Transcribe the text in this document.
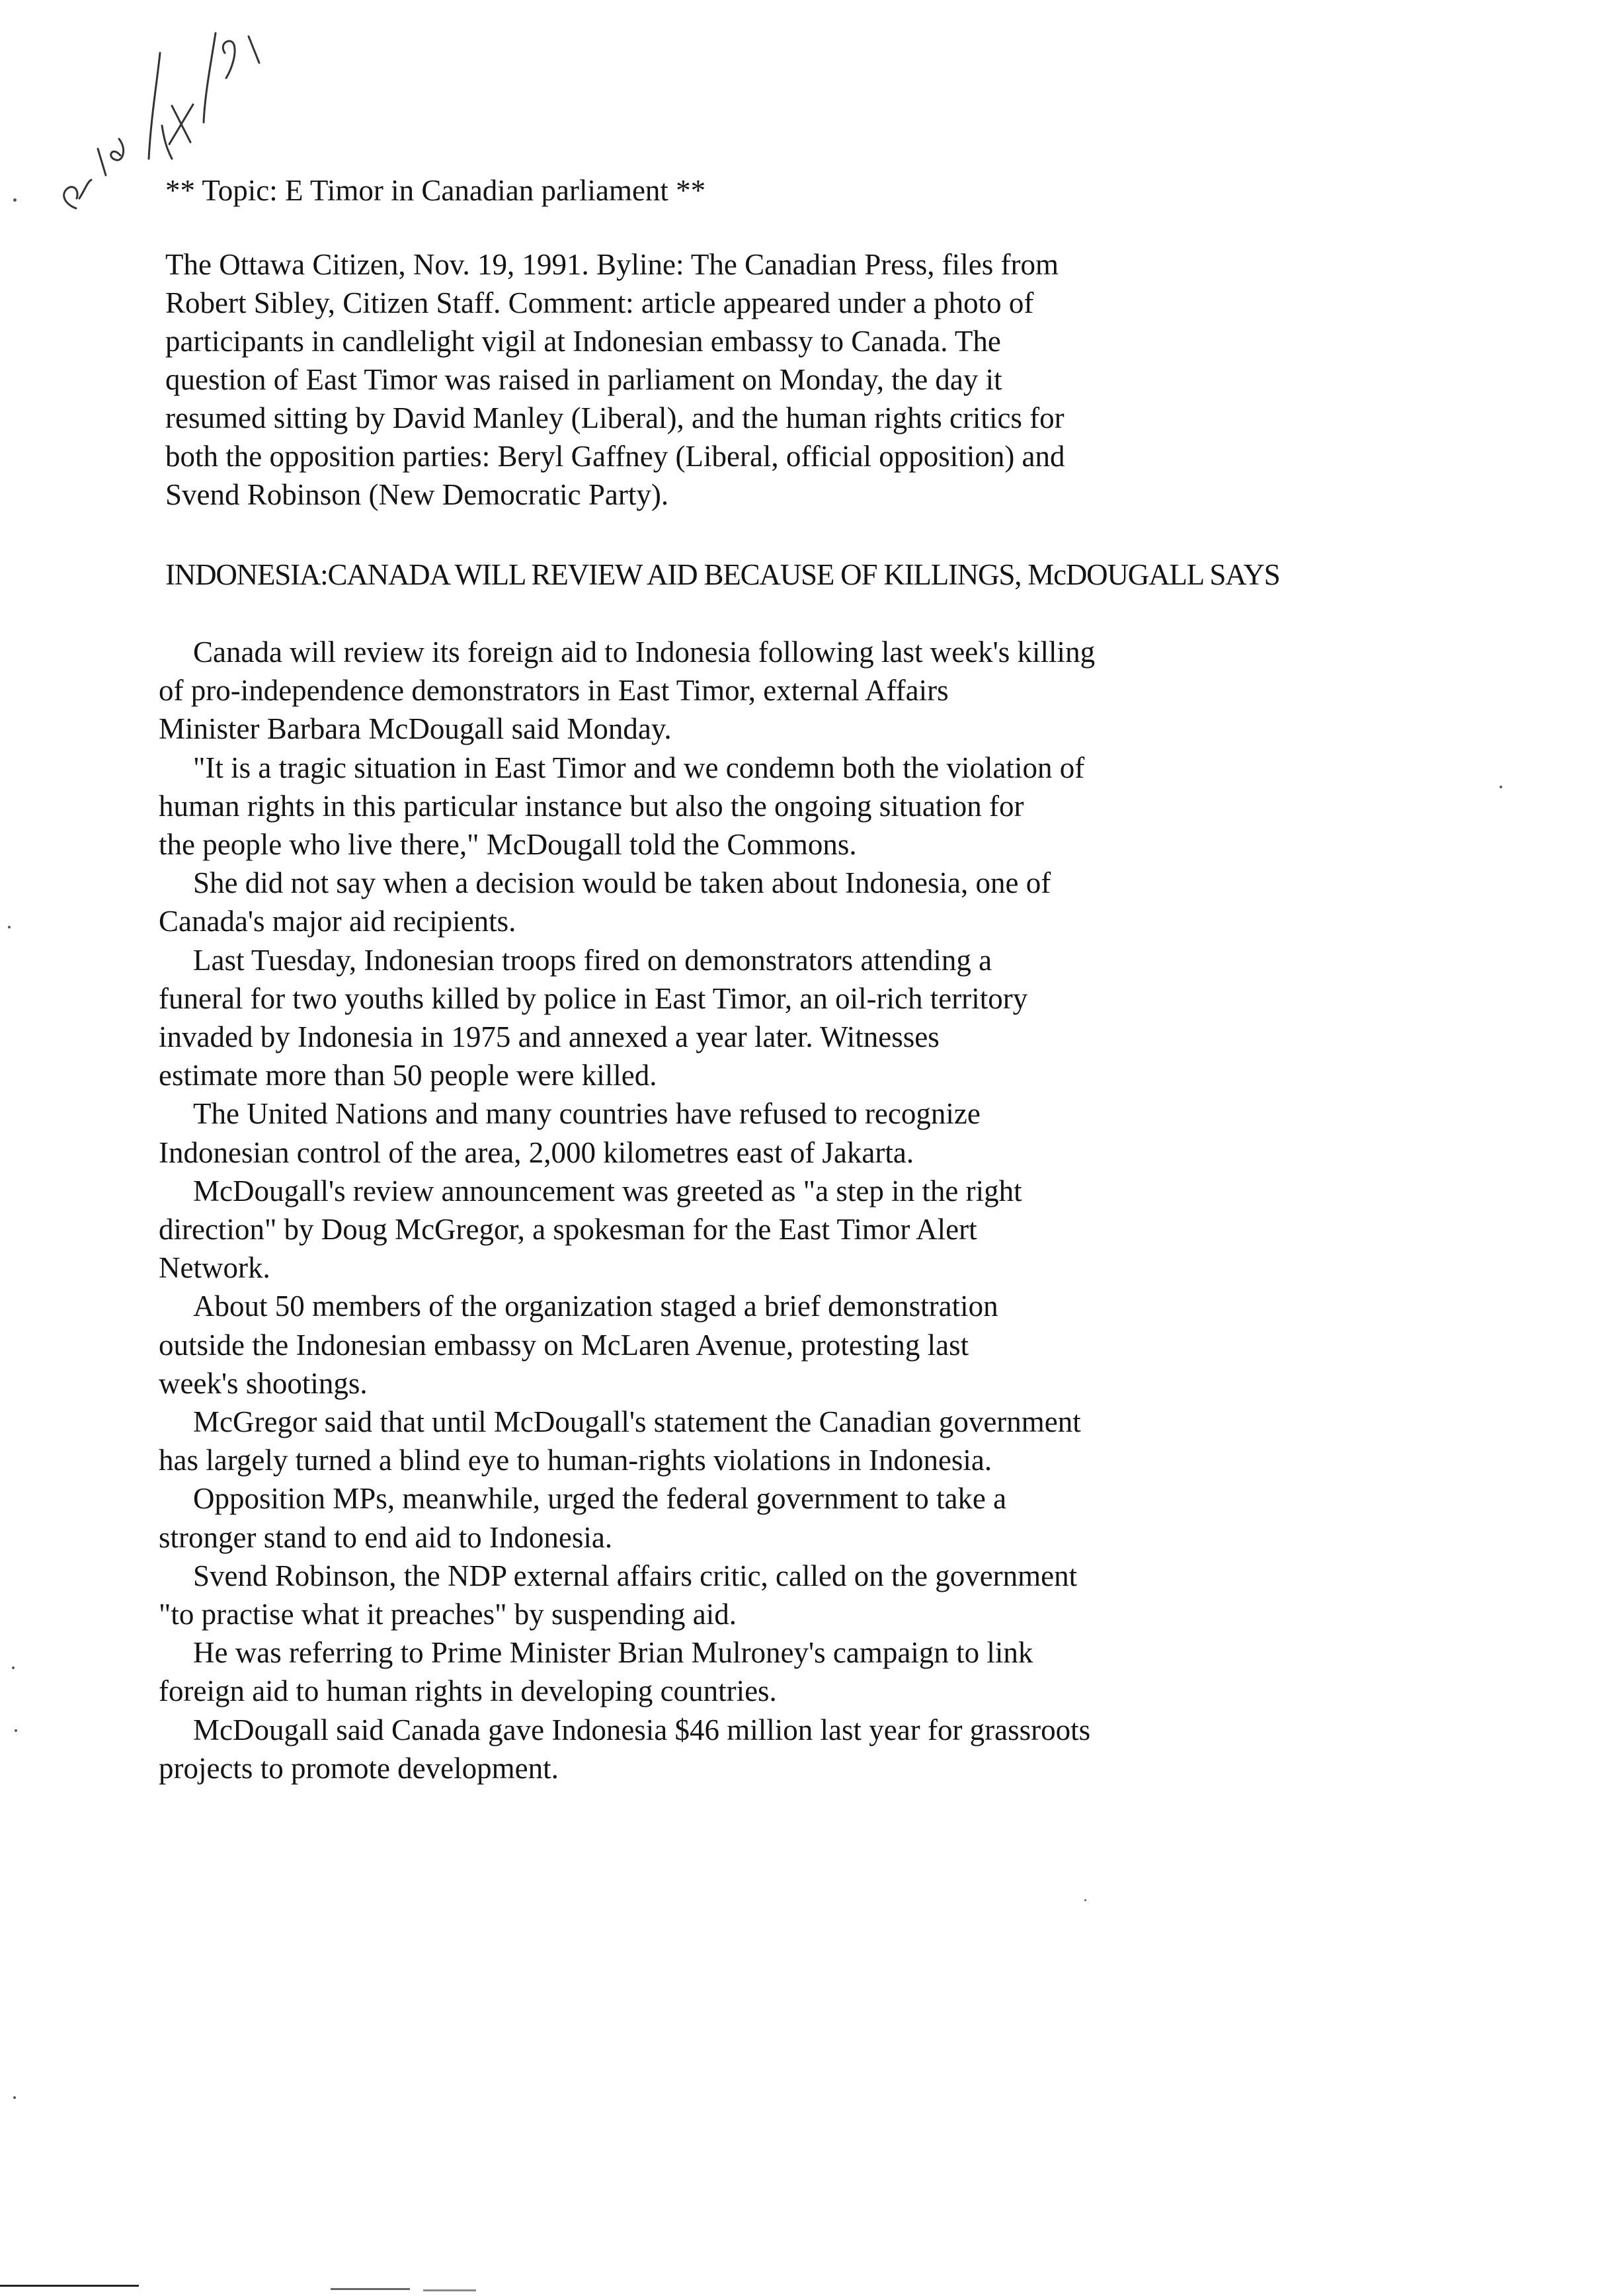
** Topic: E Timor in Canadian parliament **

The Ottawa Citizen, Nov. 19, 1991. Byline: The Canadian Press, files from

Robert Sibley, Citizen Staff. Comment: article appeared under a photo of

participants in candlelight vigil at Indonesian embassy to Canada. The

question of East Timor was raised in parliament on Monday, the day it

resumed sitting by David Manley (Liberal), and the human rights critics for

both the opposition parties: Beryl Gaffney (Liberal, official opposition) and

Svend Robinson (New Democratic Party).

INDONESIA:CANADA WILL REVIEW AID BECAUSE OF KILLINGS, McDOUGALL SAYS
Canada will review its foreign aid to Indonesia following last week's killing
of pro-independence demonstrators in East Timor, external Affairs
Minister Barbara McDougall said Monday.
"It is a tragic situation in East Timor and we condemn both the violation of
human rights in this particular instance but also the ongoing situation for
the people who live there," McDougall told the Commons.
She did not say when a decision would be taken about Indonesia, one of
Canada's major aid recipients.
Last Tuesday, Indonesian troops fired on demonstrators attending a
funeral for two youths killed by police in East Timor, an oil-rich territory
invaded by Indonesia in 1975 and annexed a year later. Witnesses
estimate more than 50 people were killed.
The United Nations and many countries have refused to recognize
Indonesian control of the area, 2,000 kilometres east of Jakarta.
McDougall's review announcement was greeted as "a step in the right
direction" by Doug McGregor, a spokesman for the East Timor Alert
Network.
About 50 members of the organization staged a brief demonstration
outside the Indonesian embassy on McLaren Avenue, protesting last
week's shootings.
McGregor said that until McDougall's statement the Canadian government
has largely turned a blind eye to human-rights violations in Indonesia.
Opposition MPs, meanwhile, urged the federal government to take a
stronger stand to end aid to Indonesia.
Svend Robinson, the NDP external affairs critic, called on the government
"to practise what it preaches" by suspending aid.
He was referring to Prime Minister Brian Mulroney's campaign to link
foreign aid to human rights in developing countries.
McDougall said Canada gave Indonesia $46 million last year for grassroots
projects to promote development.
